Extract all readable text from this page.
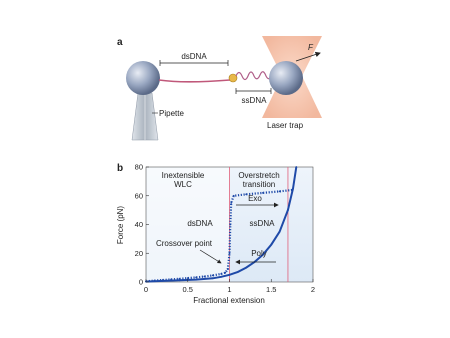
a
dsDNA
ssDNA
F
Pipette
Laser trap
b
0	0.5	1	1.5	2
0
20
40
60
80
Fractional extension
Force (pN)
Inextensible
WLC
Overstretch
transition
Exo
dsDNA	ssDNA
Crossover point
Poly
